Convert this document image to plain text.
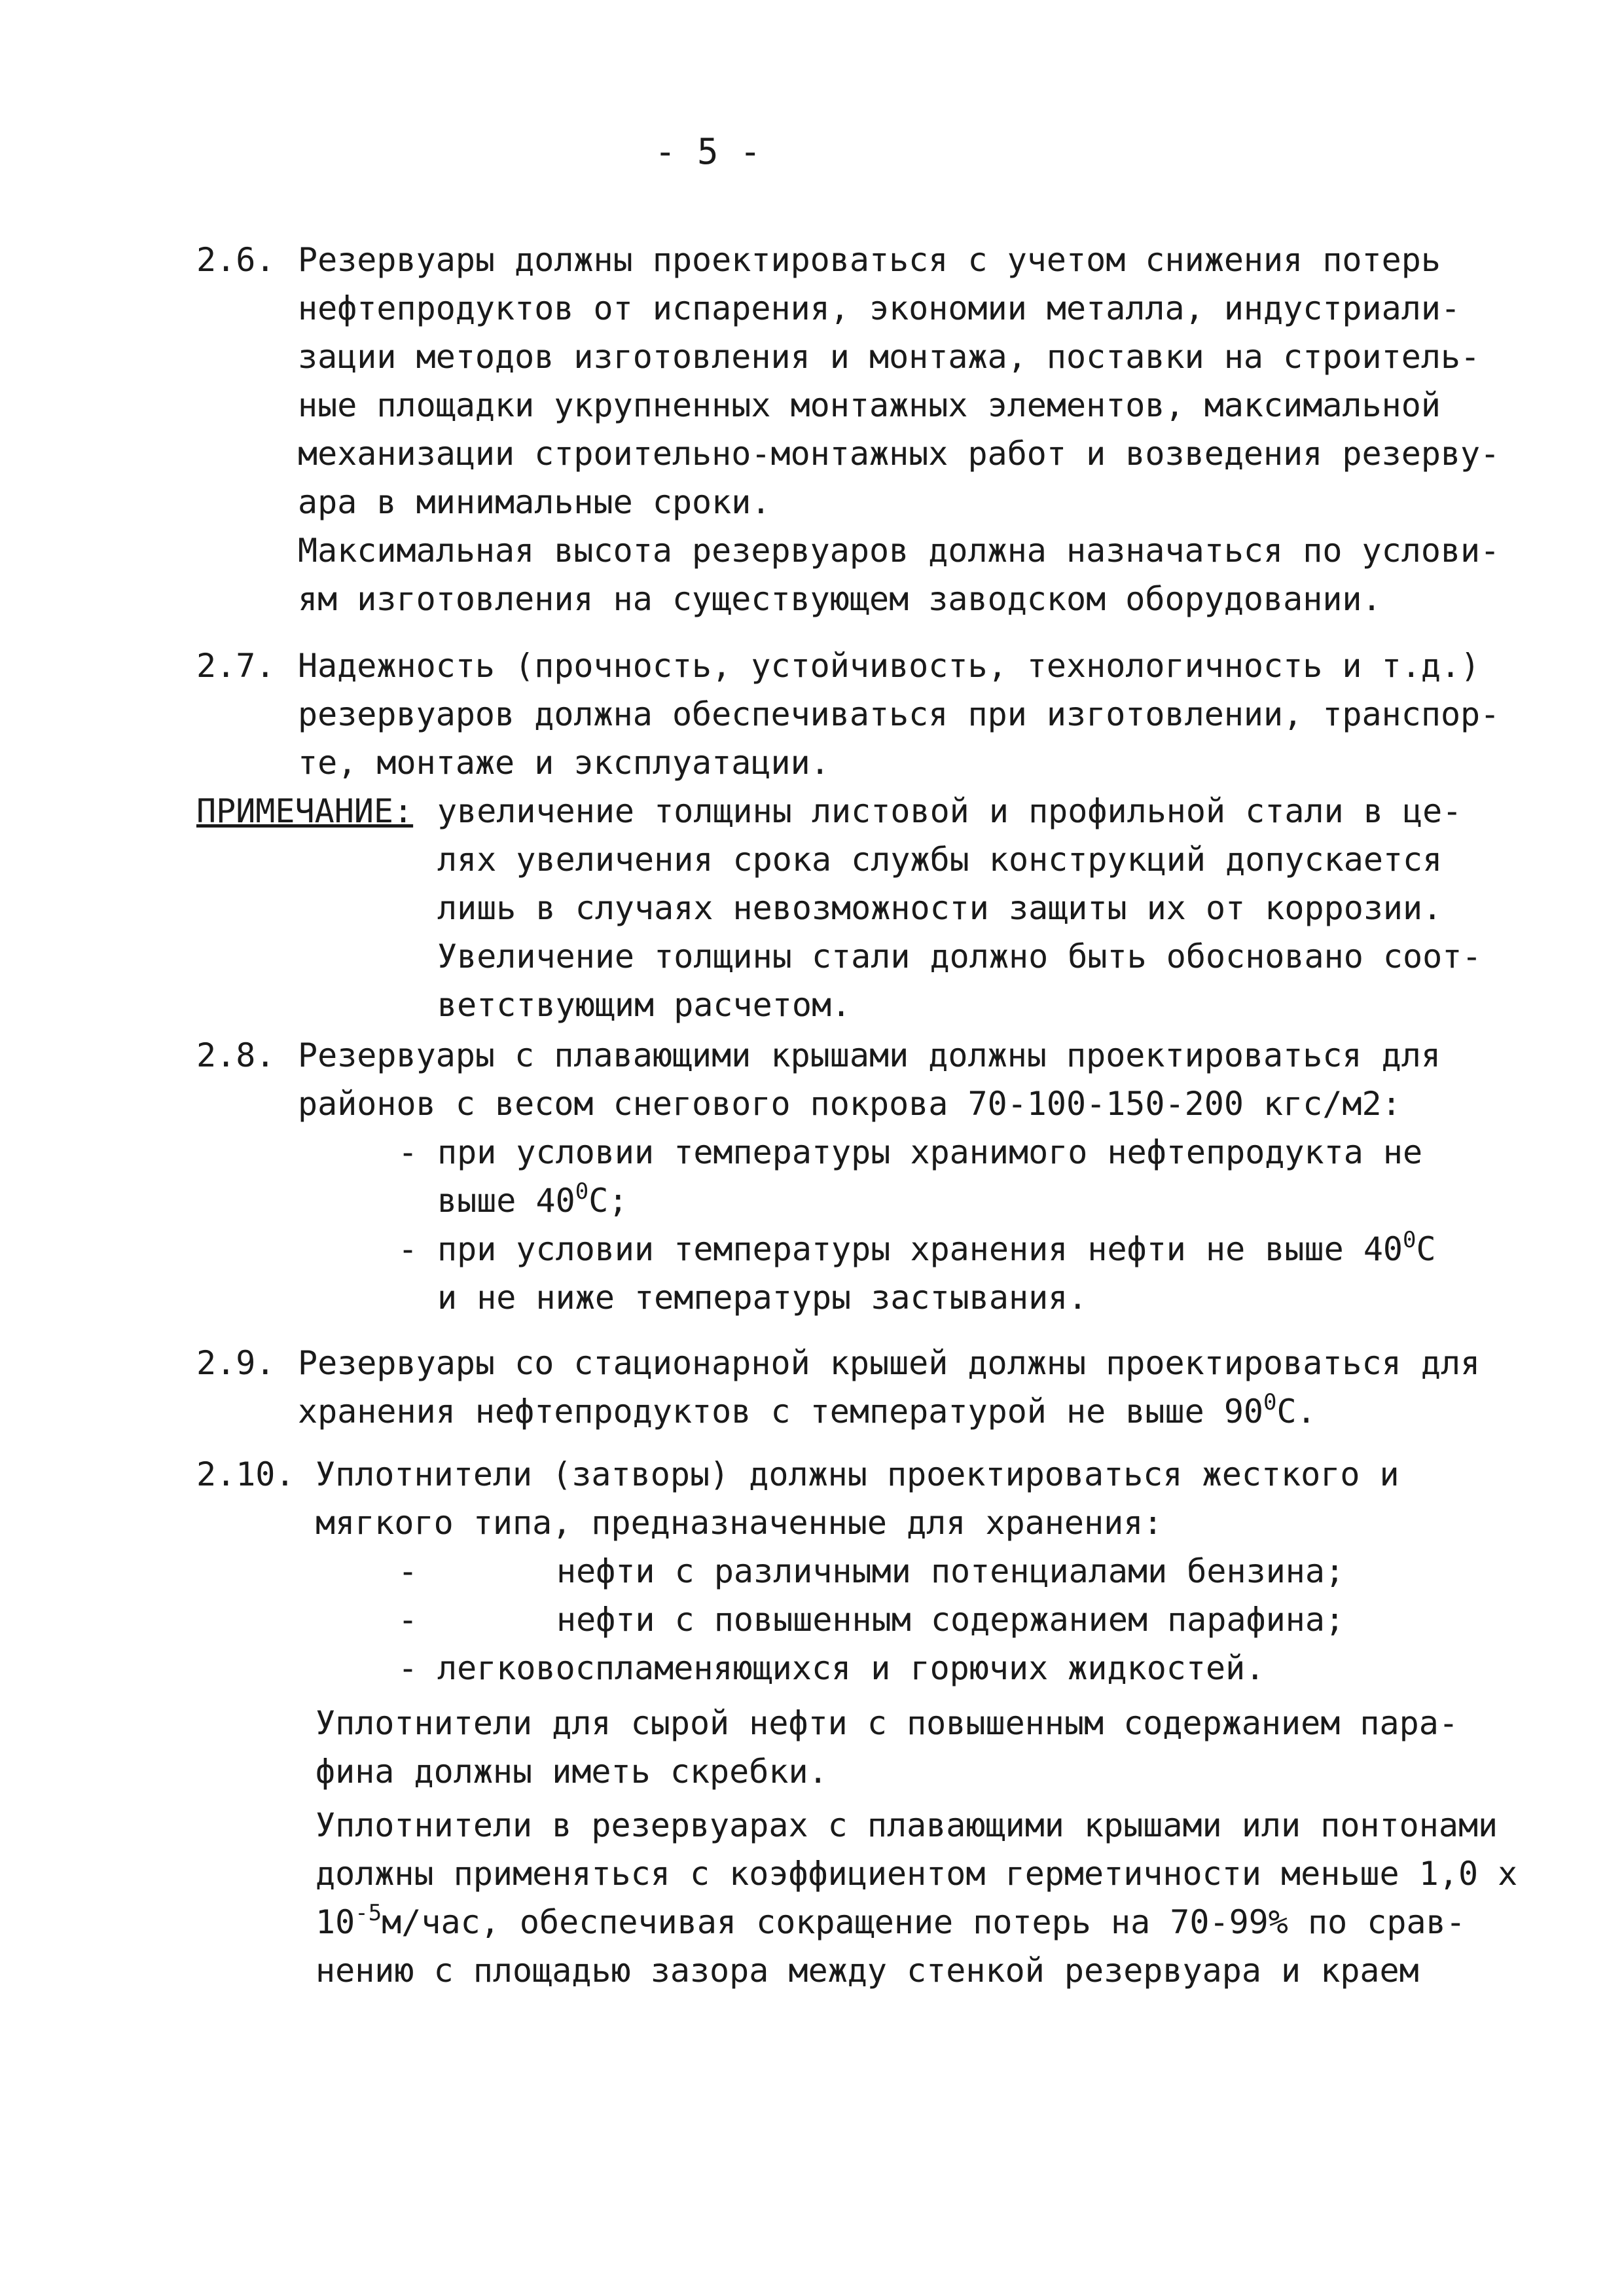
- 5 -
2.6. Резервуары должны проектироваться с учетом снижения потерь
нефтепродуктов от испарения, экономии металла, индустриали-
зации методов изготовления и монтажа, поставки на строитель-
ные площадки укрупненных монтажных элементов, максимальной
механизации строительно-монтажных работ и возведения резерву-
ара в минимальные сроки.
Максимальная высота резервуаров должна назначаться по услови-
ям изготовления на существующем заводском оборудовании.
2.7. Надежность (прочность, устойчивость, технологичность и т.д.)
резервуаров должна обеспечиваться при изготовлении, транспор-
те, монтаже и эксплуатации.
ПРИМЕЧАНИЕ: увеличение толщины листовой и профильной стали в це-
лях увеличения срока службы конструкций допускается
лишь в случаях невозможности защиты их от коррозии.
Увеличение толщины стали должно быть обосновано соот-
ветствующим расчетом.
2.8. Резервуары с плавающими крышами должны проектироваться для
районов с весом снегового покрова 70-100-150-200 кгс/м2:
- при условии температуры хранимого нефтепродукта не
выше $40^0С$;
- при условии температуры хранения нефти не выше $40^0С$
и не ниже температуры застывания.
2.9. Резервуары со стационарной крышей должны проектироваться для
хранения нефтепродуктов с температурой не выше $90^0С$.
2.10. Уплотнители (затворы) должны проектироваться жесткого и
мягкого типа, предназначенные для хранения:
-	нефти с различными потенциалами бензина;
-	нефти с повышенным содержанием парафина;
- легковоспламеняющихся и горючих жидкостей.
Уплотнители для сырой нефти с повышенным содержанием пара-
фина должны иметь скребки.
Уплотнители в резервуарах с плавающими крышами или понтонами
должны применяться с коэффициентом герметичности меньше 1,0 х
$10^{-5}м$/час, обеспечивая сокращение потерь на 70-99% по срав-
нению с площадью зазора между стенкой резервуара и краем
